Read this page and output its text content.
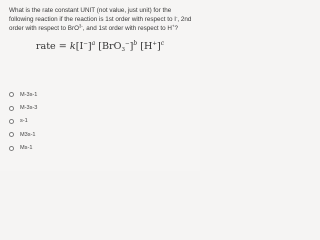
What is the rate constant UNIT (not value, just unit) for the
following reaction if the reaction is 1st order with respect to I-, 2nd
order with respect to BrO$^{3-}$, and 1st order with respect to H+?

rate = $k[I^-]^a$ $[BrO_3^-]^b$ $[H^+]^c$
M-3s-1
M-3s-3
s-1
M3s-1
Ms-1
